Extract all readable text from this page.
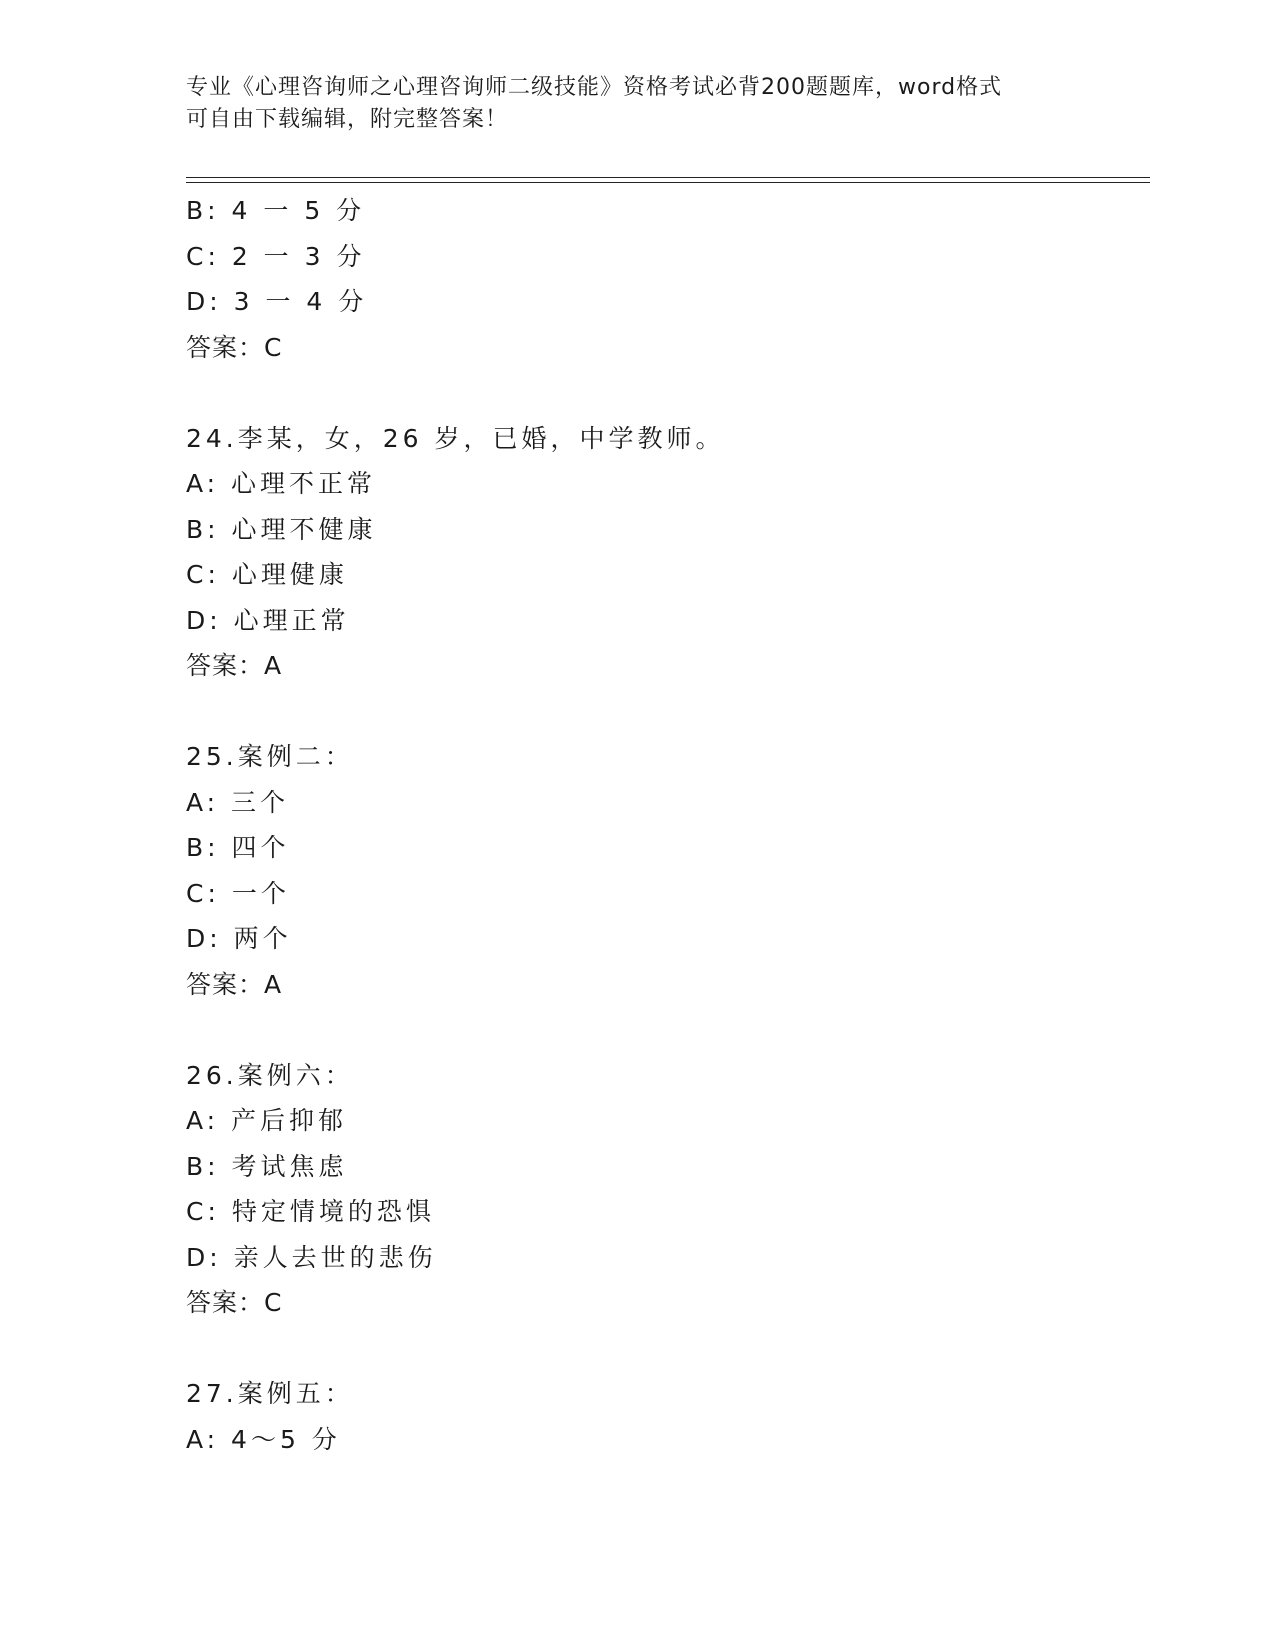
专业《心理咨询师之心理咨询师二级技能》资格考试必背200题题库，word格式
可自由下载编辑，附完整答案！
B: 4 一 5 分
C: 2 一 3 分
D: 3 一 4 分
答案：C
24.李某，女，26 岁，已婚，中学教师。
A: 心理不正常
B: 心理不健康
C: 心理健康
D: 心理正常
答案：A
25.案例二：
A: 三个
B: 四个
C: 一个
D: 两个
答案：A
26.案例六：
A: 产后抑郁
B: 考试焦虑
C: 特定情境的恐惧
D: 亲人去世的悲伤
答案：C
27.案例五：
A: 4～5 分
